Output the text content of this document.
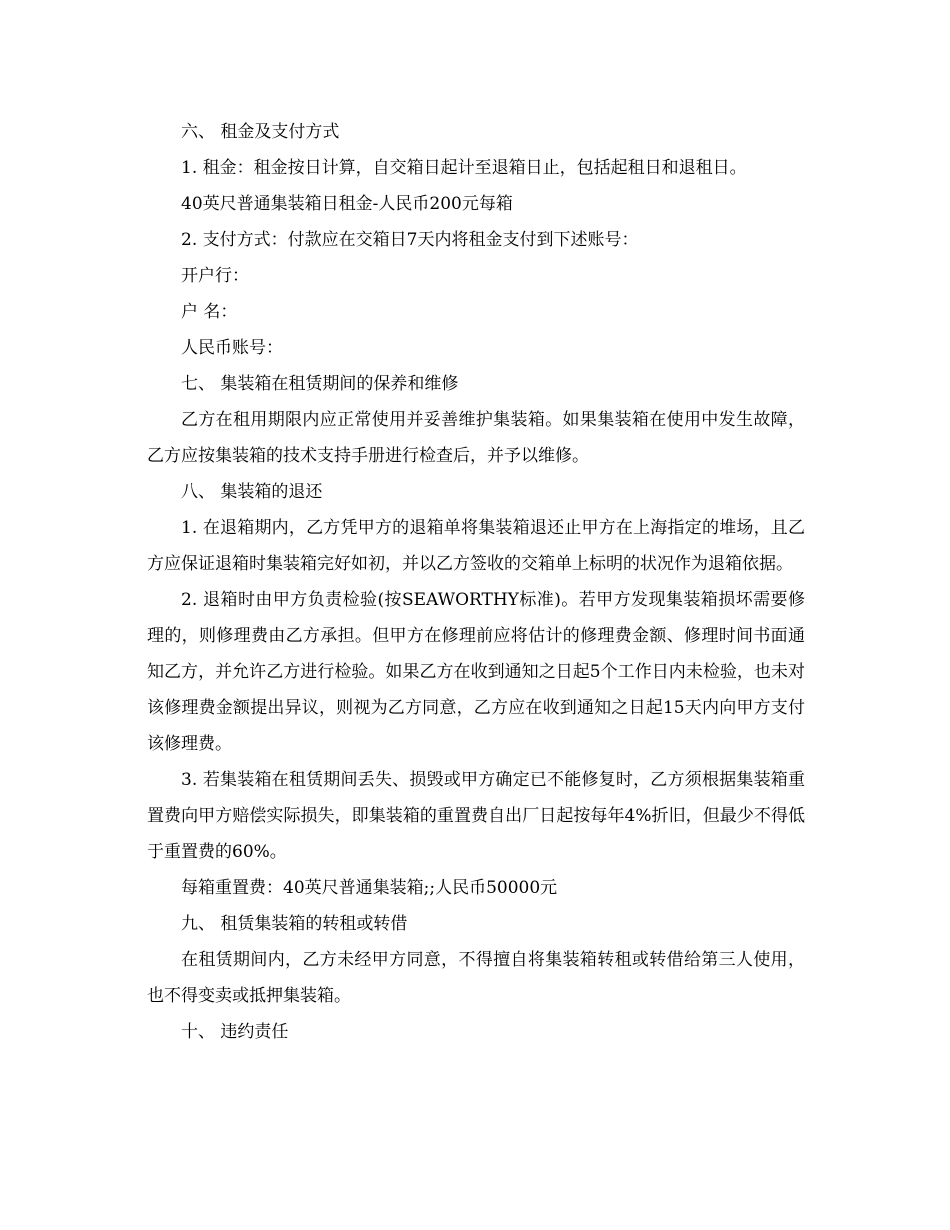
六、 租金及支付方式

1. 租金：租金按日计算，自交箱日起计至退箱日止，包括起租日和退租日。

40英尺普通集装箱日租金-人民币200元每箱

2. 支付方式：付款应在交箱日7天内将租金支付到下述账号：

开户行：

户 名：

人民币账号：

七、 集装箱在租赁期间的保养和维修

乙方在租用期限内应正常使用并妥善维护集装箱。如果集装箱在使用中发生故障，乙方应按集装箱的技术支持手册进行检查后，并予以维修。

八、 集装箱的退还

1. 在退箱期内，乙方凭甲方的退箱单将集装箱退还止甲方在上海指定的堆场，且乙方应保证退箱时集装箱完好如初，并以乙方签收的交箱单上标明的状况作为退箱依据。

2. 退箱时由甲方负责检验(按SEAWORTHY标准)。若甲方发现集装箱损坏需要修理的，则修理费由乙方承担。但甲方在修理前应将估计的修理费金额、修理时间书面通知乙方，并允许乙方进行检验。如果乙方在收到通知之日起5个工作日内未检验，也未对该修理费金额提出异议，则视为乙方同意，乙方应在收到通知之日起15天内向甲方支付该修理费。

3. 若集装箱在租赁期间丢失、损毁或甲方确定已不能修复时，乙方须根据集装箱重置费向甲方赔偿实际损失，即集装箱的重置费自出厂日起按每年4%折旧，但最少不得低于重置费的60%。

每箱重置费：40英尺普通集装箱;;人民币50000元

九、 租赁集装箱的转租或转借

在租赁期间内，乙方未经甲方同意，不得擅自将集装箱转租或转借给第三人使用，也不得变卖或抵押集装箱。

十、 违约责任
